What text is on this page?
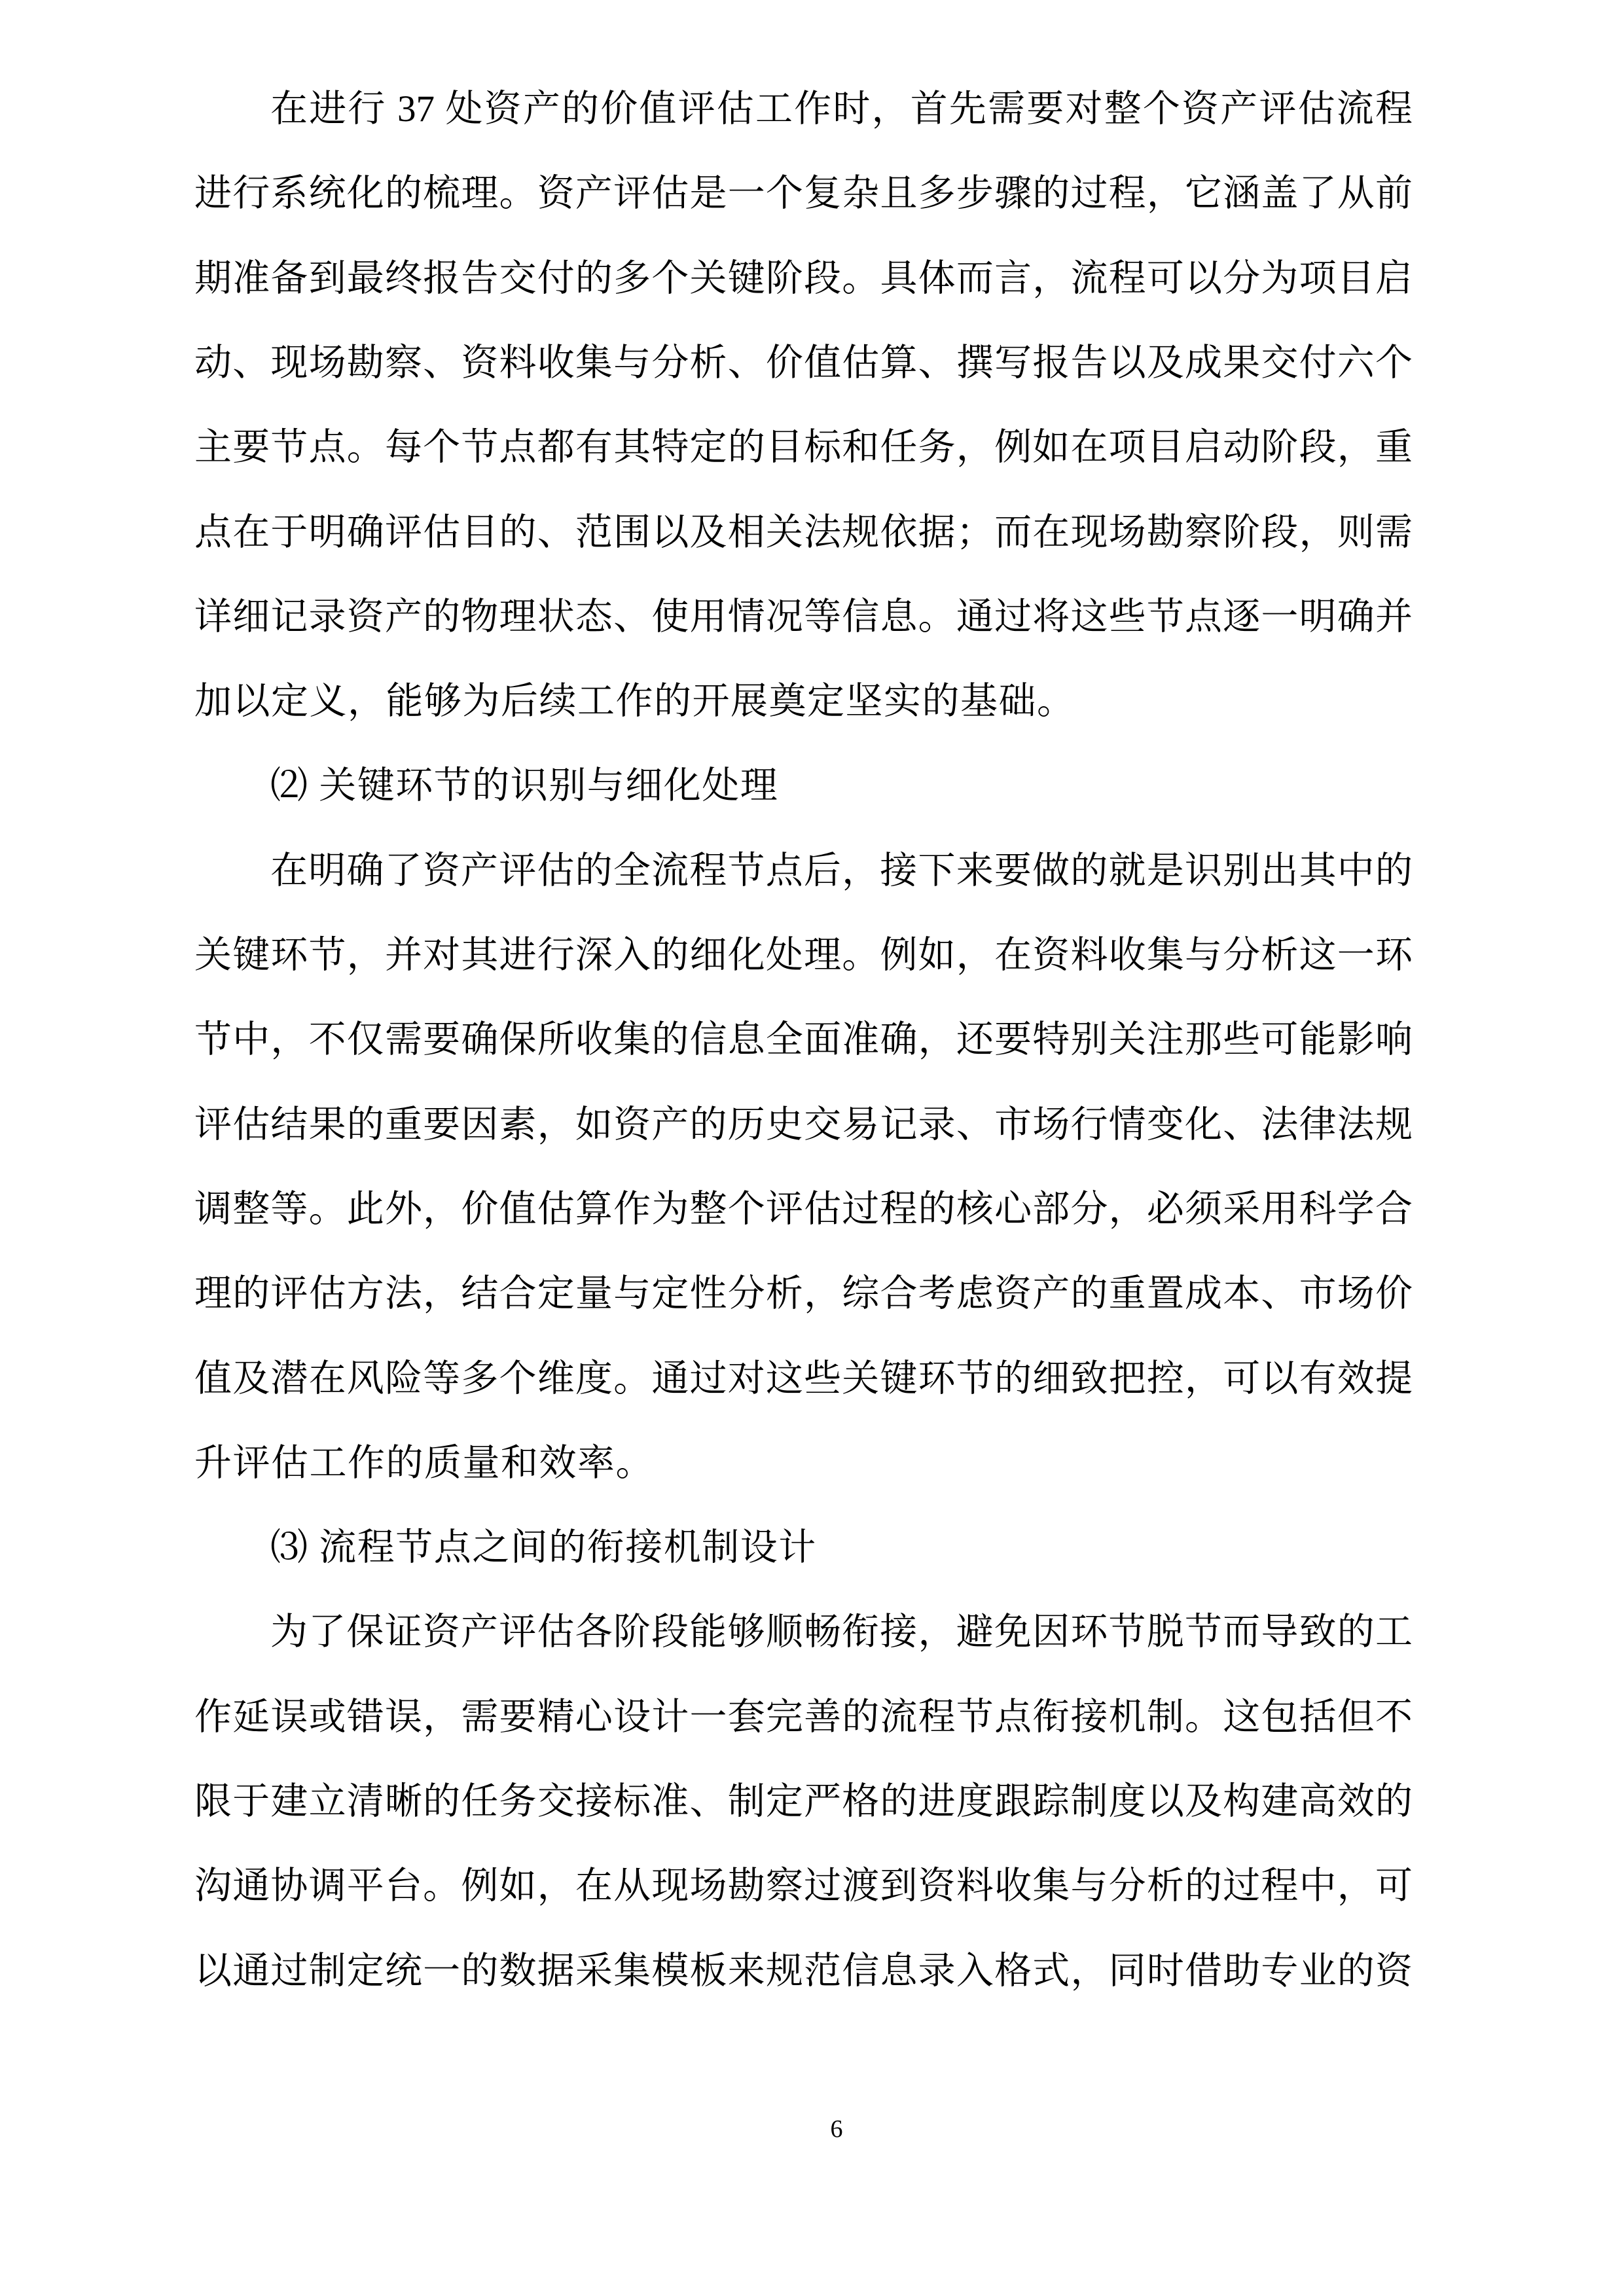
在进行 37 处资产的价值评估工作时，首先需要对整个资产评估流程
进行系统化的梳理。资产评估是一个复杂且多步骤的过程，它涵盖了从前
期准备到最终报告交付的多个关键阶段。具体而言，流程可以分为项目启
动、现场勘察、资料收集与分析、价值估算、撰写报告以及成果交付六个
主要节点。每个节点都有其特定的目标和任务，例如在项目启动阶段，重
点在于明确评估目的、范围以及相关法规依据；而在现场勘察阶段，则需
详细记录资产的物理状态、使用情况等信息。通过将这些节点逐一明确并
加以定义，能够为后续工作的开展奠定坚实的基础。
⑵ 关键环节的识别与细化处理
在明确了资产评估的全流程节点后，接下来要做的就是识别出其中的
关键环节，并对其进行深入的细化处理。例如，在资料收集与分析这一环
节中，不仅需要确保所收集的信息全面准确，还要特别关注那些可能影响
评估结果的重要因素，如资产的历史交易记录、市场行情变化、法律法规
调整等。此外，价值估算作为整个评估过程的核心部分，必须采用科学合
理的评估方法，结合定量与定性分析，综合考虑资产的重置成本、市场价
值及潜在风险等多个维度。通过对这些关键环节的细致把控，可以有效提
升评估工作的质量和效率。
⑶ 流程节点之间的衔接机制设计
为了保证资产评估各阶段能够顺畅衔接，避免因环节脱节而导致的工
作延误或错误，需要精心设计一套完善的流程节点衔接机制。这包括但不
限于建立清晰的任务交接标准、制定严格的进度跟踪制度以及构建高效的
沟通协调平台。例如，在从现场勘察过渡到资料收集与分析的过程中，可
以通过制定统一的数据采集模板来规范信息录入格式，同时借助专业的资
6
